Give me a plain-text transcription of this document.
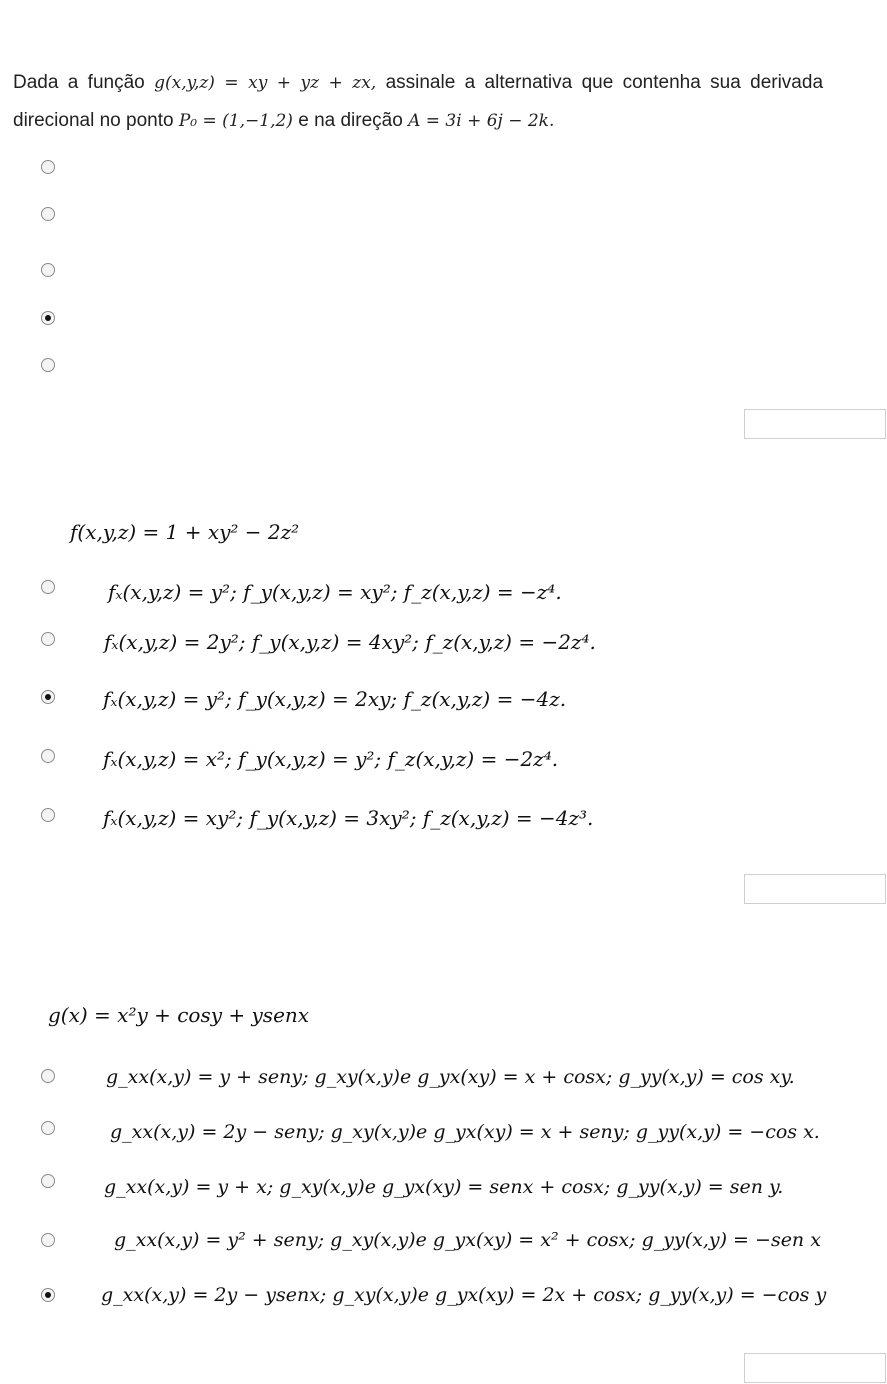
Dada a função g(x,y,z) = xy + yz + zx, assinale a alternativa que contenha sua derivada direcional no ponto P₀ = (1,−1,2) e na direção A = 3i + 6j − 2k.
f(x,y,z) = 1 + xy² − 2z²
fₓ(x,y,z) = y²; f_y(x,y,z) = xy²; f_z(x,y,z) = −z⁴.
fₓ(x,y,z) = 2y²; f_y(x,y,z) = 4xy²; f_z(x,y,z) = −2z⁴.
fₓ(x,y,z) = y²; f_y(x,y,z) = 2xy; f_z(x,y,z) = −4z.
fₓ(x,y,z) = x²; f_y(x,y,z) = y²; f_z(x,y,z) = −2z⁴.
fₓ(x,y,z) = xy²; f_y(x,y,z) = 3xy²; f_z(x,y,z) = −4z³.
g(x) = x²y + cosy + ysenx
g_xx(x,y) = y + seny; g_xy(x,y)e g_yx(xy) = x + cosx; g_yy(x,y) = cos xy.
g_xx(x,y) = 2y − seny; g_xy(x,y)e g_yx(xy) = x + seny; g_yy(x,y) = −cos x.
g_xx(x,y) = y + x; g_xy(x,y)e g_yx(xy) = senx + cosx; g_yy(x,y) = sen y.
g_xx(x,y) = y² + seny; g_xy(x,y)e g_yx(xy) = x² + cosx; g_yy(x,y) = −sen x
g_xx(x,y) = 2y − ysenx; g_xy(x,y)e g_yx(xy) = 2x + cosx; g_yy(x,y) = −cos y
